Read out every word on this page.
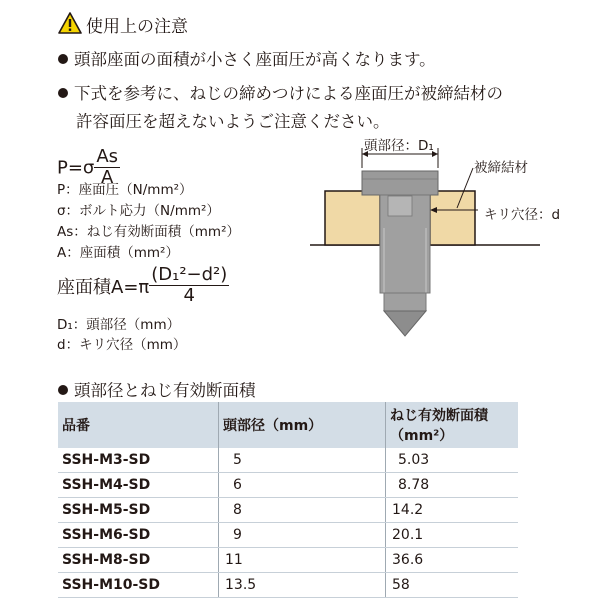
使用上の注意
頭部座面の面積が小さく座面圧が高くなります。
下式を参考に、ねじの締めつけによる座面圧が被締結材の
許容面圧を超えないようご注意ください。
$P=\sigma \frac{As}{A}$
P：座面圧（N/mm²）
σ：ボルト応力（N/mm²）
As：ねじ有効断面積（mm²）
A：座面積（mm²）
座面積$A=\pi \frac{\text{(D₁²−d²)}}{4}$
D₁：頭部径（mm）
d：キリ穴径（mm）
頭部径：D₁
被締結材
キリ穴径：d
頭部径とねじ有効断面積
品番	頭部径（mm）	ねじ有効断面積（mm²）
SSH-M3-SD	5	5.03
SSH-M4-SD	6	8.78
SSH-M5-SD	8	14.2
SSH-M6-SD	9	20.1
SSH-M8-SD	11	36.6
SSH-M10-SD	13.5	58
